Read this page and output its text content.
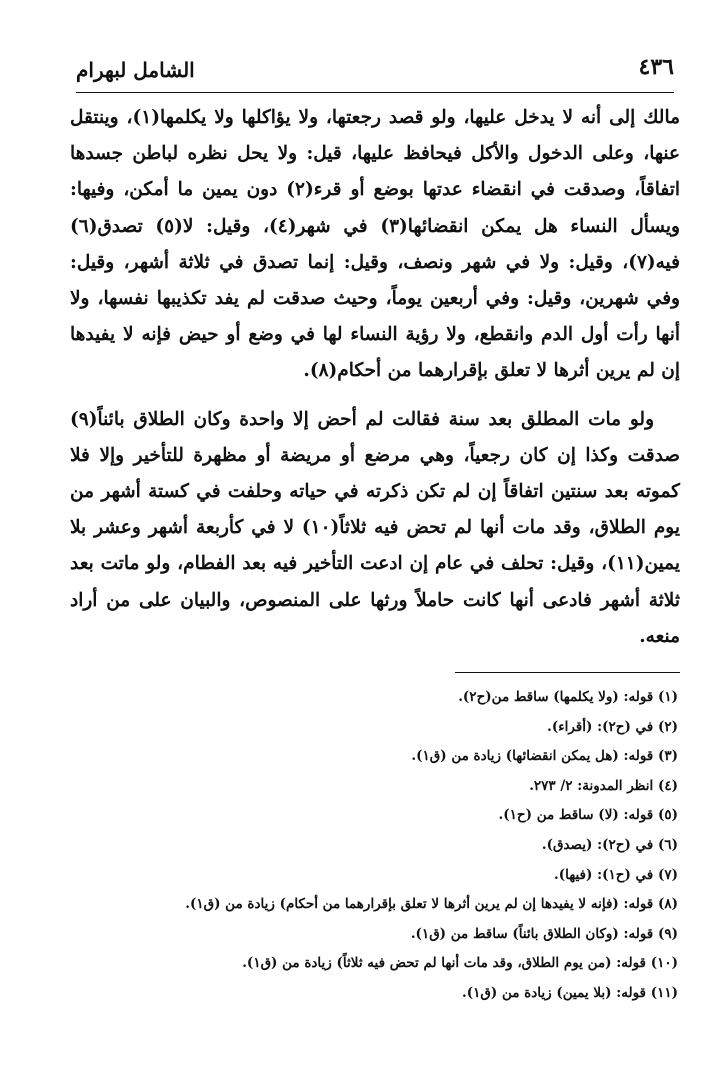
الشامل لبهرام	٤٣٦

مالك إلى أنه لا يدخل عليها، ولو قصد رجعتها، ولا يؤاكلها ولا يكلمها(١)، وينتقل عنها، وعلى الدخول والأكل فيحافظ عليها، قيل: ولا يحل نظره لباطن جسدها اتفاقاً، وصدقت في انقضاء عدتها بوضع أو قرء(٢) دون يمين ما أمكن، وفيها: ويسأل النساء هل يمكن انقضائها(٣) في شهر(٤)، وقيل: لا(٥) تصدق(٦) فيه(٧)، وقيل: ولا في شهر ونصف، وقيل: إنما تصدق في ثلاثة أشهر، وقيل: وفي شهرين، وقيل: وفي أربعين يوماً، وحيث صدقت لم يفد تكذيبها نفسها، ولا أنها رأت أول الدم وانقطع، ولا رؤية النساء لها في وضع أو حيض فإنه لا يفيدها إن لم يرين أثرها لا تعلق بإقرارهما من أحكام(٨).

ولو مات المطلق بعد سنة فقالت لم أحض إلا واحدة وكان الطلاق بائناً(٩) صدقت وكذا إن كان رجعياً، وهي مرضع أو مريضة أو مظهرة للتأخير وإلا فلا كموته بعد سنتين اتفاقاً إن لم تكن ذكرته في حياته وحلفت في كستة أشهر من يوم الطلاق، وقد مات أنها لم تحض فيه ثلاثاً(١٠) لا في كأربعة أشهر وعشر بلا يمين(١١)، وقيل: تحلف في عام إن ادعت التأخير فيه بعد الفطام، ولو ماتت بعد ثلاثة أشهر فادعى أنها كانت حاملاً ورثها على المنصوص، والبيان على من أراد منعه.

(١) قوله: (ولا يكلمها) ساقط من(ح٢).
(٢) في (ح٢): (أقراء).
(٣) قوله: (هل يمكن انقضائها) زيادة من (ق١).
(٤) انظر المدونة: ٢/ ٢٧٣.
(٥) قوله: (لا) ساقط من (ح١).
(٦) في (ح٢): (يصدق).
(٧) في (ح١): (فيها).
(٨) قوله: (فإنه لا يفيدها إن لم يرين أثرها لا تعلق بإقرارهما من أحكام) زيادة من (ق١).
(٩) قوله: (وكان الطلاق بائناً) ساقط من (ق١).
(١٠) قوله: (من يوم الطلاق، وقد مات أنها لم تحض فيه ثلاثاً) زيادة من (ق١).
(١١) قوله: (بلا يمين) زيادة من (ق١).
